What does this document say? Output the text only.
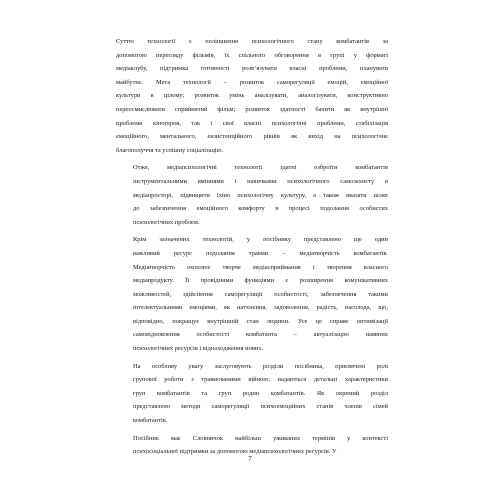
Суттю технології є поліпшення психологічного стану комбатантів за
допомогою перегляду фільмів, їх спільного обговорення в групі у форматі
медіаклубу, підтримка готовності розв’язувати власні проблеми, планувати
майбутнє. Мета технології – розвиток саморегуляції емоцій, емоційної
культури в цілому; розвиток умінь аналізувати, аналогізувати, конструктивно
переосмислювати сприйнятий фільм; розвиток здатності бачити як внутрішні
проблеми кіногероя, так і свої власні психологічні проблеми, стабілізація
емоційного, ментального, екзистенційного рівнів як вихід на психологічне
благополуччя та успішну соціалізацію.
Отже, медіапсихологічні технології здатні озброїти комбатантів
інструментальними вміннями і навичками психологічного самозахисту в
медіапросторі, підвищити їхню психологічну культуру, а також вказати шлях
до забезпечення емоційного комфорту в процесі подолання особистих
психологічних проблем.
Крім зазначених технологій, у посібнику представлено ще один
важливий ресурс подолання травми – медіатворчість комбатантів.
Медіатворчість охоплює творче медіасприймання і творення власного
медіапродукту. Її провідними функціями є розширення комунікативних
можливостей, здійснення саморегуляції особистості, забезпечення такими
інтелектуальними емоціями, як натхнення, задоволення, радість, насолода, що,
відповідно, покращує внутрішній стан людини. Усе це сприяє оптимізації
самовідновлення особистості комбатанта – актуалізацію наявних
психологічних ресурсів і віднаходження нових.
На особливу увагу заслуговують розділи посібника, присвячені ролі
групової роботи з травмованими війною; надаються детальні характеристики
груп комбатантів та груп родин комбатантів. Як окремий розділ
представлено методи саморегуляції психоемоційних станів членів сімей
комбатантів.
Посібник має Словничок найбільш уживаних термінів у контексті
психосоціальної підтримки за допомогою медіапсихологічних ресурсів. У
7
